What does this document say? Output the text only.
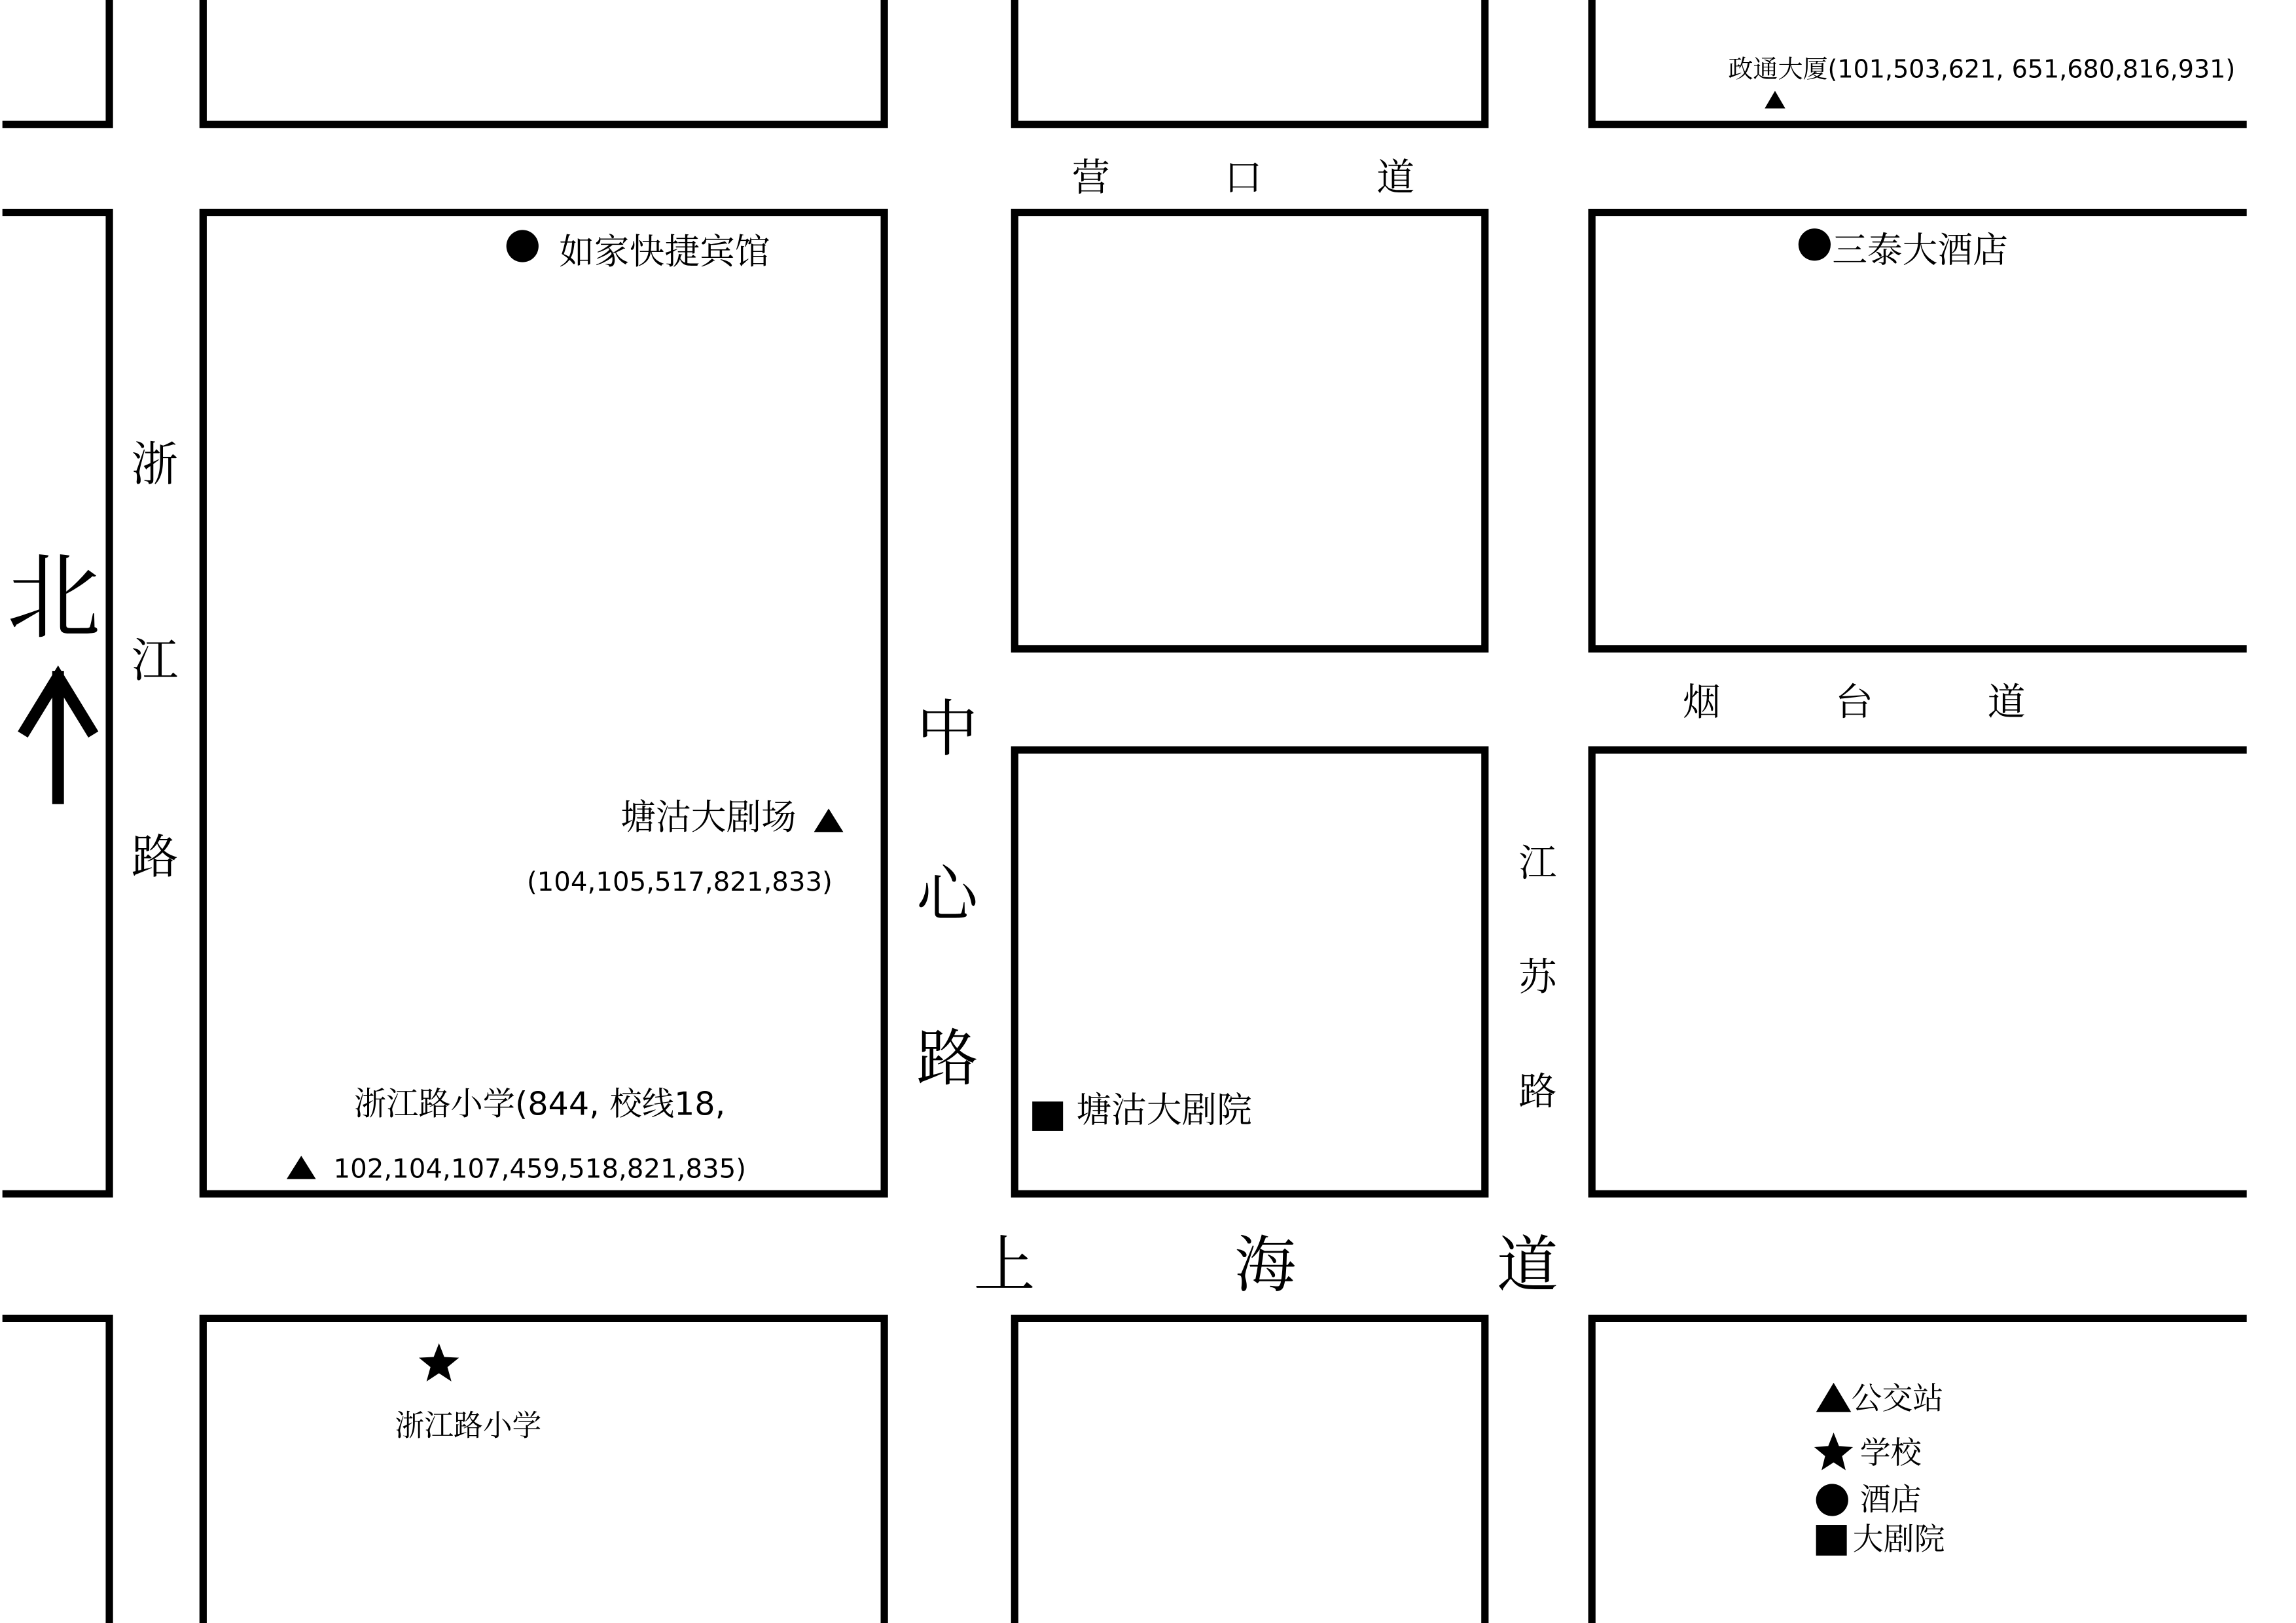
北
浙
江
路
营	口	道
烟	台	道
中
心
路
江
苏
路
上	海	道
政通大厦(101,503,621, 651,680,816,931)
如家快捷宾馆	三泰大酒店
塘沽大剧场
(104,105,517,821,833)
浙江路小学(844, 校线18,
102,104,107,459,518,821,835)
塘沽大剧院
浙江路小学
公交站
学校
酒店
大剧院
